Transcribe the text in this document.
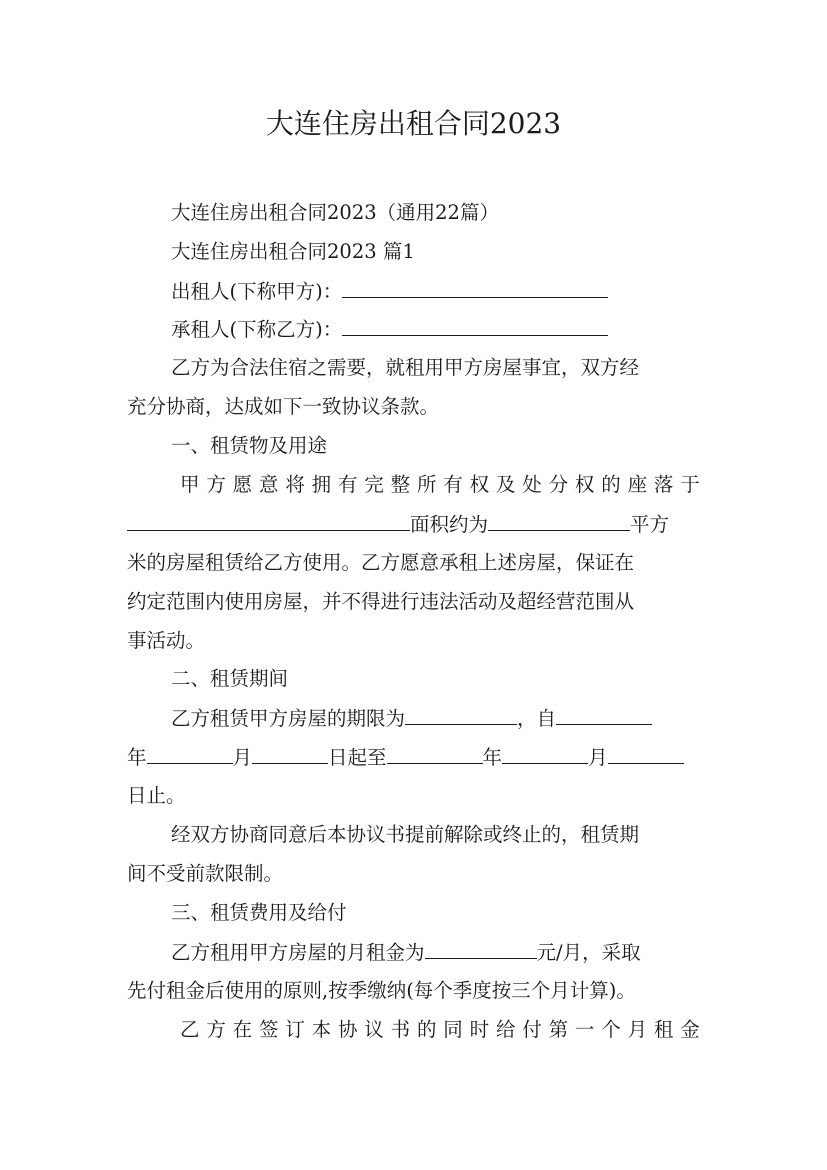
大连住房出租合同2023
大连住房出租合同2023（通用22篇）
大连住房出租合同2023 篇1
出租人(下称甲方)：
承租人(下称乙方)：
乙方为合法住宿之需要，就租用甲方房屋事宜，双方经
充分协商，达成如下一致协议条款。
一、租赁物及用途
甲 方 愿 意 将 拥 有 完 整 所 有 权 及 处 分 权 的 座 落 于
面积约为	平方
米的房屋租赁给乙方使用。乙方愿意承租上述房屋，保证在
约定范围内使用房屋，并不得进行违法活动及超经营范围从
事活动。
二、租赁期间
乙方租赁甲方房屋的期限为	，自
年	月	日起至	年	月
日止。
经双方协商同意后本协议书提前解除或终止的，租赁期
间不受前款限制。
三、租赁费用及给付
乙方租用甲方房屋的月租金为	元/月，采取
先付租金后使用的原则,按季缴纳(每个季度按三个月计算)。
乙 方 在 签 订 本 协 议 书 的 同 时 给 付 第 一 个 月 租 金
